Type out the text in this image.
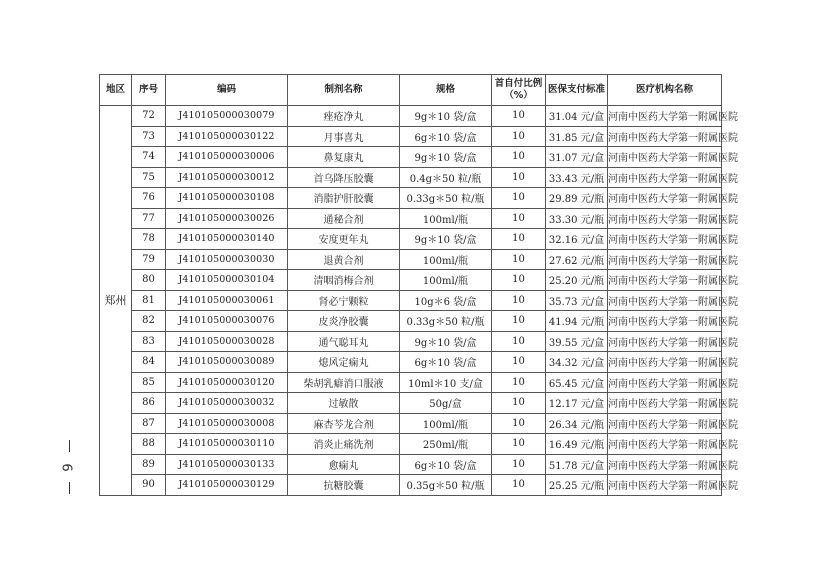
6
地区	序号	编码	制剂名称	规格	首自付比例（%）	医保支付标准	医疗机构名称
郑州	72	J410105000030079	痤疮净丸	9g＊10 袋/盒	10	31.04 元/盒	河南中医药大学第一附属医院
	73	J410105000030122	月事喜丸	6g＊10 袋/盒	10	31.85 元/盒	河南中医药大学第一附属医院
	74	J410105000030006	鼻复康丸	9g＊10 袋/盒	10	31.07 元/盒	河南中医药大学第一附属医院
	75	J410105000030012	首乌降压胶囊	0.4g＊50 粒/瓶	10	33.43 元/瓶	河南中医药大学第一附属医院
	76	J410105000030108	消脂护肝胶囊	0.33g＊50 粒/瓶	10	29.89 元/瓶	河南中医药大学第一附属医院
	77	J410105000030026	通秘合剂	100ml/瓶	10	33.30 元/瓶	河南中医药大学第一附属医院
	78	J410105000030140	安度更年丸	9g＊10 袋/盒	10	32.16 元/盒	河南中医药大学第一附属医院
	79	J410105000030030	退黄合剂	100ml/瓶	10	27.62 元/瓶	河南中医药大学第一附属医院
	80	J410105000030104	清咽消梅合剂	100ml/瓶	10	25.20 元/瓶	河南中医药大学第一附属医院
	81	J410105000030061	肾必宁颗粒	10g＊6 袋/盒	10	35.73 元/盒	河南中医药大学第一附属医院
	82	J410105000030076	皮炎净胶囊	0.33g＊50 粒/瓶	10	41.94 元/瓶	河南中医药大学第一附属医院
	83	J410105000030028	通气聪耳丸	9g＊10 袋/盒	10	39.55 元/盒	河南中医药大学第一附属医院
	84	J410105000030089	熄风定痫丸	6g＊10 袋/盒	10	34.32 元/盒	河南中医药大学第一附属医院
	85	J410105000030120	柴胡乳癖消口服液	10ml＊10 支/盒	10	65.45 元/盒	河南中医药大学第一附属医院
	86	J410105000030032	过敏散	50g/盒	10	12.17 元/盒	河南中医药大学第一附属医院
	87	J410105000030008	麻杏芩龙合剂	100ml/瓶	10	26.34 元/瓶	河南中医药大学第一附属医院
	88	J410105000030110	消炎止痛洗剂	250ml/瓶	10	16.49 元/瓶	河南中医药大学第一附属医院
	89	J410105000030133	愈痫丸	6g＊10 袋/盒	10	51.78 元/盒	河南中医药大学第一附属医院
	90	J410105000030129	抗糖胶囊	0.35g＊50 粒/瓶	10	25.25 元/瓶	河南中医药大学第一附属医院
